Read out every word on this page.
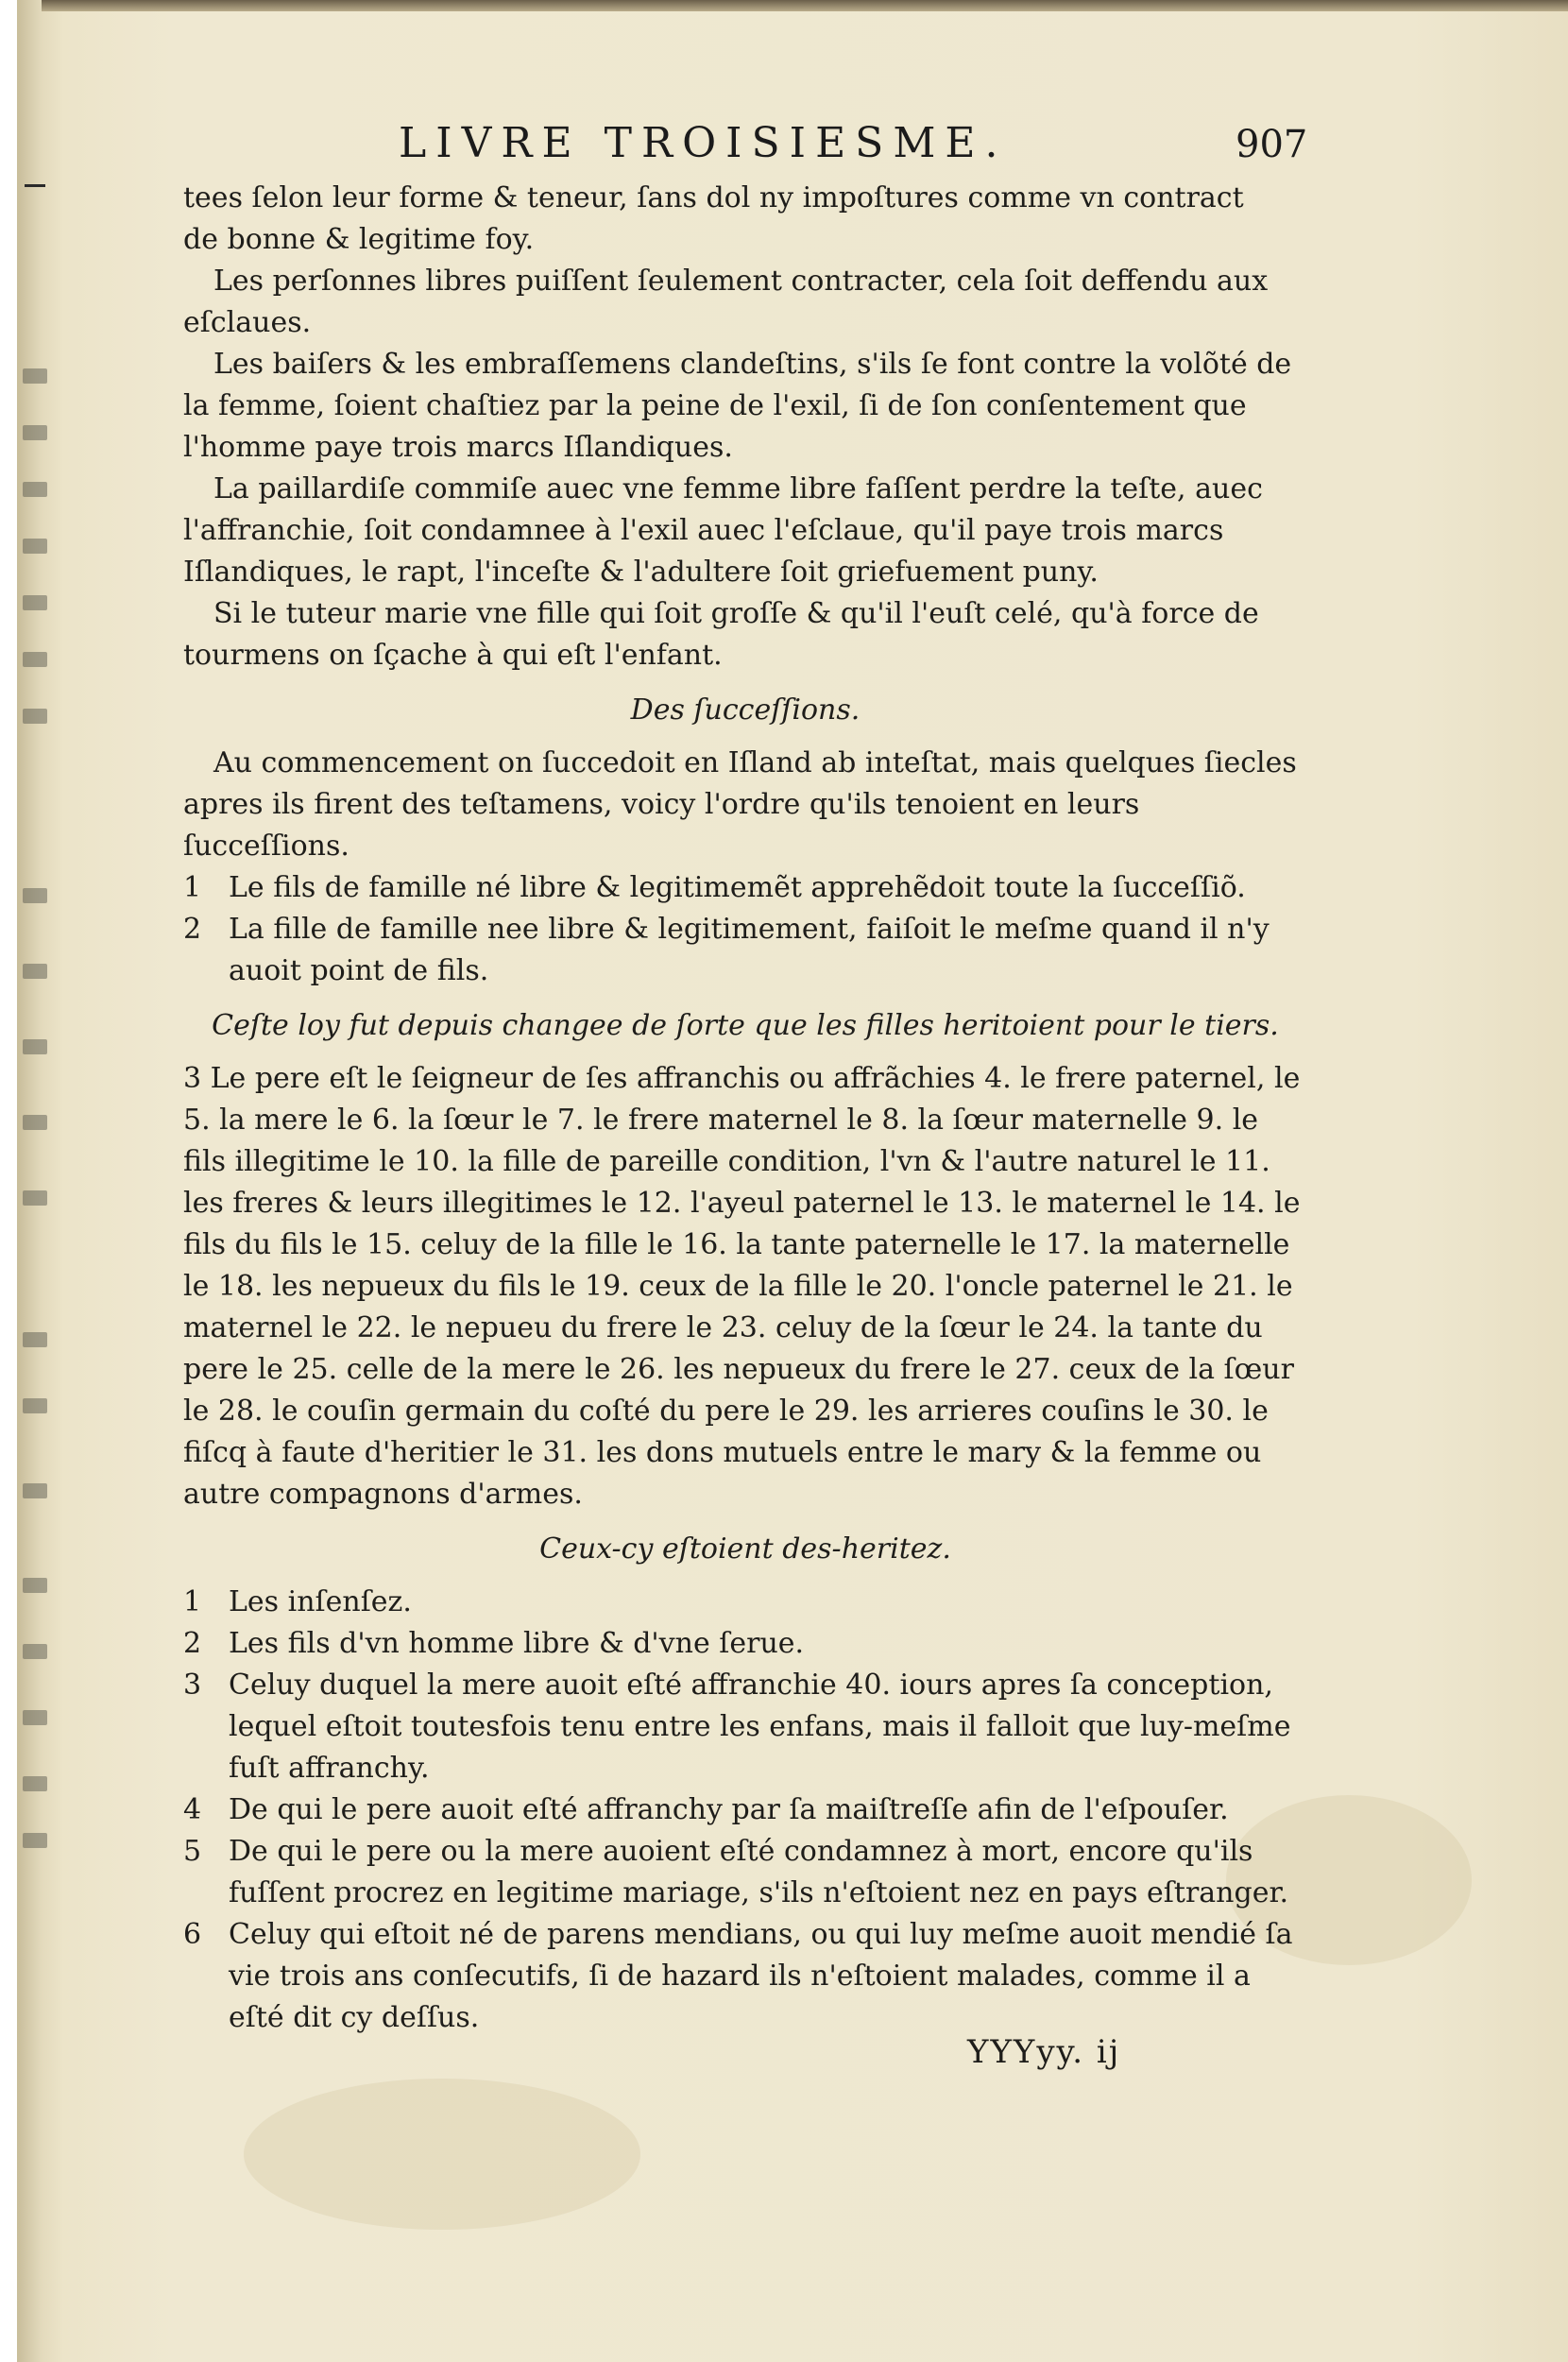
LIVRE TROISIESME.	907

tees ſelon leur forme & teneur, ſans dol ny impoſtures comme vn contract

de bonne & legitime foy.

Les perſonnes libres puiſſent ſeulement contracter, cela ſoit deffendu aux eſclaues.

Les baiſers & les embraſſemens clandeſtins, s'ils ſe font contre la volõté de la femme, ſoient chaſtiez par la peine de l'exil, ſi de ſon conſentement que l'homme paye trois marcs Iſlandiques.

La paillardiſe commiſe auec vne femme libre faſſent perdre la teſte, auec l'affranchie, ſoit condamnee à l'exil auec l'eſclaue, qu'il paye trois marcs Iſlandiques, le rapt, l'inceſte & l'adultere ſoit griefuement puny.

Si le tuteur marie vne fille qui ſoit groſſe & qu'il l'euſt celé, qu'à force de tourmens on ſçache à qui eſt l'enfant.

Des ſucceſſions.

Au commencement on ſuccedoit en Iſland ab inteſtat, mais quelques ſiecles apres ils firent des teſtamens, voicy l'ordre qu'ils tenoient en leurs ſucceſſions.

1 Le fils de famille né libre & legitimemẽt apprehẽdoit toute la ſucceſſiõ.

2 La fille de famille nee libre & legitimement, faiſoit le meſme quand il n'y auoit point de fils.

Ceſte loy fut depuis changee de ſorte que les filles heritoient pour le tiers.

3 Le pere eſt le ſeigneur de ſes affranchis ou affrãchies 4. le frere paternel, le 5. la mere le 6. la ſœur le 7. le frere maternel le 8. la ſœur maternelle 9. le fils illegitime le 10. la fille de pareille condition, l'vn & l'autre naturel le 11. les freres & leurs illegitimes le 12. l'ayeul paternel le 13. le maternel le 14. le fils du fils le 15. celuy de la fille le 16. la tante paternelle le 17. la maternelle le 18. les nepueux du fils le 19. ceux de la fille le 20. l'oncle paternel le 21. le maternel le 22. le nepueu du frere le 23. celuy de la ſœur le 24. la tante du pere le 25. celle de la mere le 26. les nepueux du frere le 27. ceux de la ſœur le 28. le couſin germain du coſté du pere le 29. les arrieres couſins le 30. le fiſcq à faute d'heritier le 31. les dons mutuels entre le mary & la femme ou autre compagnons d'armes.

Ceux-cy eſtoient des-heritez.

1 Les inſenſez.

2 Les fils d'vn homme libre & d'vne ſerue.

3 Celuy duquel la mere auoit eſté affranchie 40. iours apres ſa conception, lequel eſtoit toutesfois tenu entre les enfans, mais il falloit que luy-meſme fuſt affranchy.

4 De qui le pere auoit eſté affranchy par ſa maiſtreſſe afin de l'eſpouſer.

5 De qui le pere ou la mere auoient eſté condamnez à mort, encore qu'ils fuſſent procrez en legitime mariage, s'ils n'eſtoient nez en pays eſtranger.

6 Celuy qui eſtoit né de parens mendians, ou qui luy meſme auoit mendié ſa vie trois ans conſecutifs, ſi de hazard ils n'eſtoient malades, comme il a eſté dit cy deſſus.

YYYyy. ij
